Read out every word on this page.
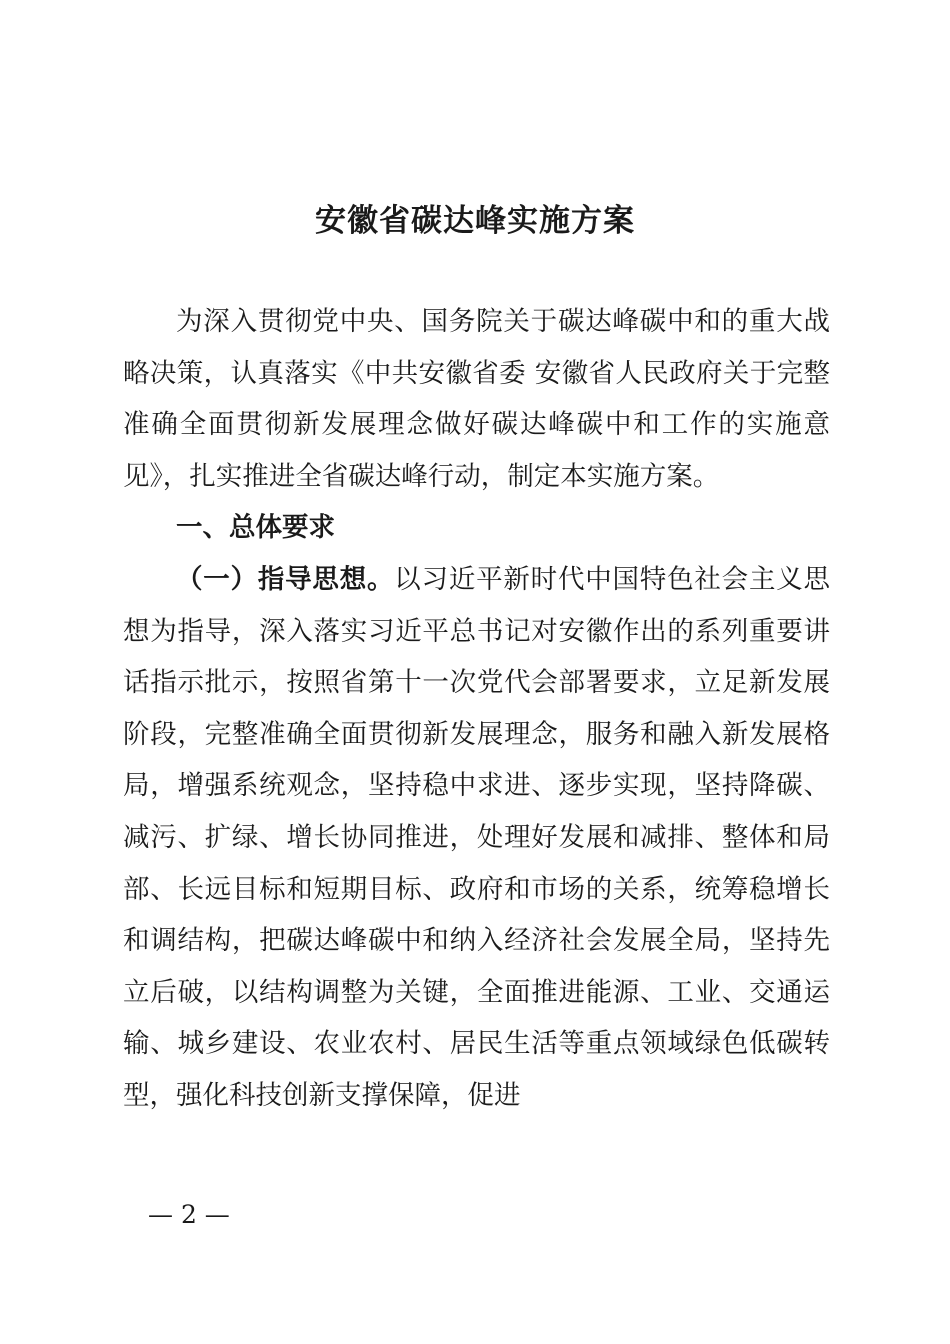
安徽省碳达峰实施方案

为深入贯彻党中央、国务院关于碳达峰碳中和的重大战略决策，认真落实《中共安徽省委 安徽省人民政府关于完整准确全面贯彻新发展理念做好碳达峰碳中和工作的实施意见》，扎实推进全省碳达峰行动，制定本实施方案。

一、总体要求

（一）指导思想。以习近平新时代中国特色社会主义思想为指导，深入落实习近平总书记对安徽作出的系列重要讲话指示批示，按照省第十一次党代会部署要求，立足新发展阶段，完整准确全面贯彻新发展理念，服务和融入新发展格局，增强系统观念，坚持稳中求进、逐步实现，坚持降碳、减污、扩绿、增长协同推进，处理好发展和减排、整体和局部、长远目标和短期目标、政府和市场的关系，统筹稳增长和调结构，把碳达峰碳中和纳入经济社会发展全局，坚持先立后破，以结构调整为关键，全面推进能源、工业、交通运输、城乡建设、农业农村、居民生活等重点领域绿色低碳转型，强化科技创新支撑保障，促进

— 2 —
